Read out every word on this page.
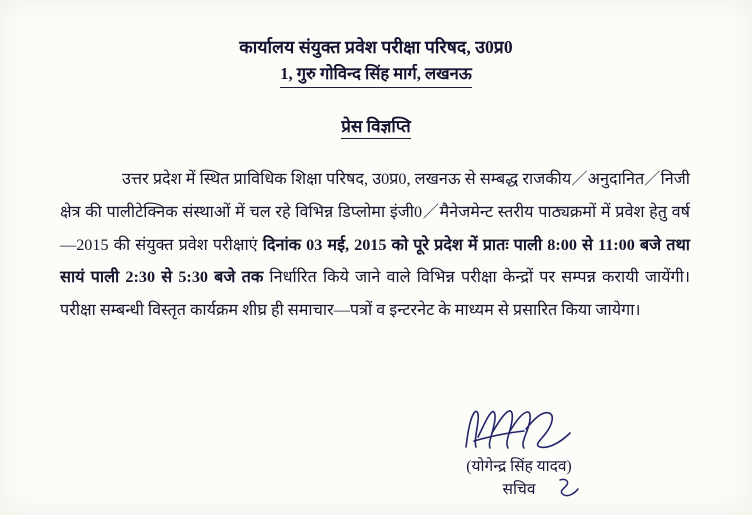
कार्यालय संयुक्त प्रवेश परीक्षा परिषद, उ0प्र0
1, गुरु गोविन्द सिंह मार्ग, लखनऊ
प्रेस विज्ञप्ति
उत्तर प्रदेश में स्थित प्राविधिक शिक्षा परिषद, उ0प्र0, लखनऊ से सम्बद्ध राजकीय／अनुदानित／निजी क्षेत्र की पालीटेक्निक संस्थाओं में चल रहे विभिन्न डिप्लोमा इंजी0／मैनेजमेन्ट स्तरीय पाठ्यक्रमों में प्रवेश हेतु वर्ष—2015 की संयुक्त प्रवेश परीक्षाएं दिनांक 03 मई, 2015 को पूरे प्रदेश में प्रातः पाली 8:00 से 11:00 बजे तथा सायं पाली 2:30 से 5:30 बजे तक निर्धारित किये जाने वाले विभिन्न परीक्षा केन्द्रों पर सम्पन्न करायी जायेंगी। परीक्षा सम्बन्धी विस्तृत कार्यक्रम शीघ्र ही समाचार—पत्रों व इन्टरनेट के माध्यम से प्रसारित किया जायेगा।
(योगेन्द्र सिंह यादव)
सचिव
